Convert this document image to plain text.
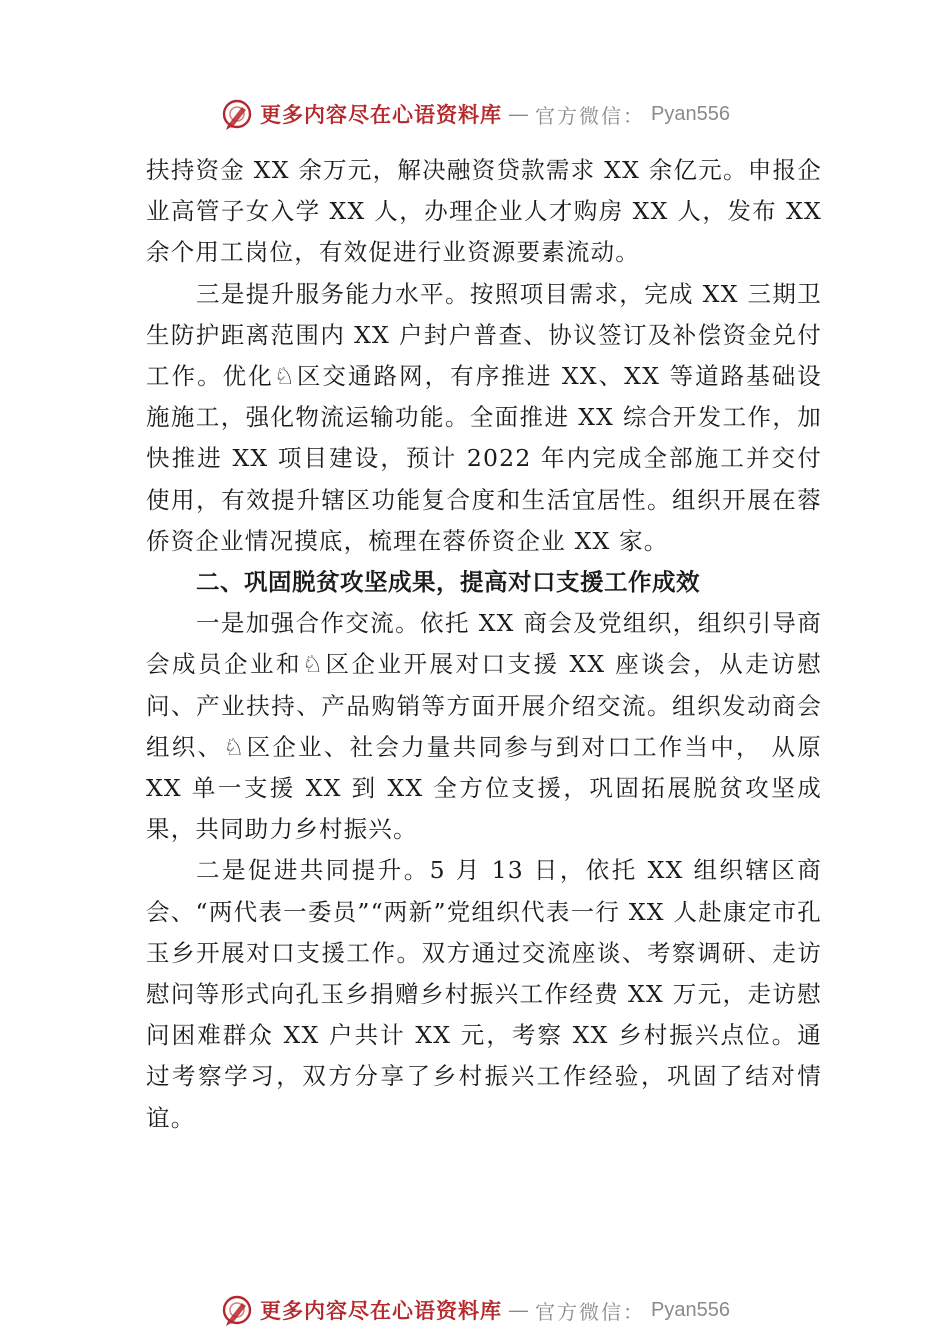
更多内容尽在心语资料库 — 官方微信： Pyan556

扶持资金 XX 余万元，解决融资贷款需求 XX 余亿元。申报企业高管子女入学 XX 人，办理企业人才购房 XX 人，发布 XX 余个用工岗位，有效促进行业资源要素流动。

三是提升服务能力水平。按照项目需求，完成 XX 三期卫生防护距离范围内 XX 户封户普查、协议签订及补偿资金兑付工作。优化♘区交通路网，有序推进 XX、XX 等道路基础设施施工，强化物流运输功能。全面推进 XX 综合开发工作，加快推进 XX 项目建设，预计 2022 年内完成全部施工并交付使用，有效提升辖区功能复合度和生活宜居性。组织开展在蓉侨资企业情况摸底，梳理在蓉侨资企业 XX 家。

二、巩固脱贫攻坚成果，提高对口支援工作成效

一是加强合作交流。依托 XX 商会及党组织，组织引导商会成员企业和♘区企业开展对口支援 XX 座谈会，从走访慰问、产业扶持、产品购销等方面开展介绍交流。组织发动商会组织、♘区企业、社会力量共同参与到对口工作当中， 从原 XX 单一支援 XX 到 XX 全方位支援，巩固拓展脱贫攻坚成果，共同助力乡村振兴。

二是促进共同提升。5 月 13 日，依托 XX 组织辖区商会、“两代表一委员”“两新”党组织代表一行 XX 人赴康定市孔玉乡开展对口支援工作。双方通过交流座谈、考察调研、走访慰问等形式向孔玉乡捐赠乡村振兴工作经费 XX 万元，走访慰问困难群众 XX 户共计 XX 元，考察 XX 乡村振兴点位。通过考察学习，双方分享了乡村振兴工作经验，巩固了结对情谊。

更多内容尽在心语资料库 — 官方微信： Pyan556
